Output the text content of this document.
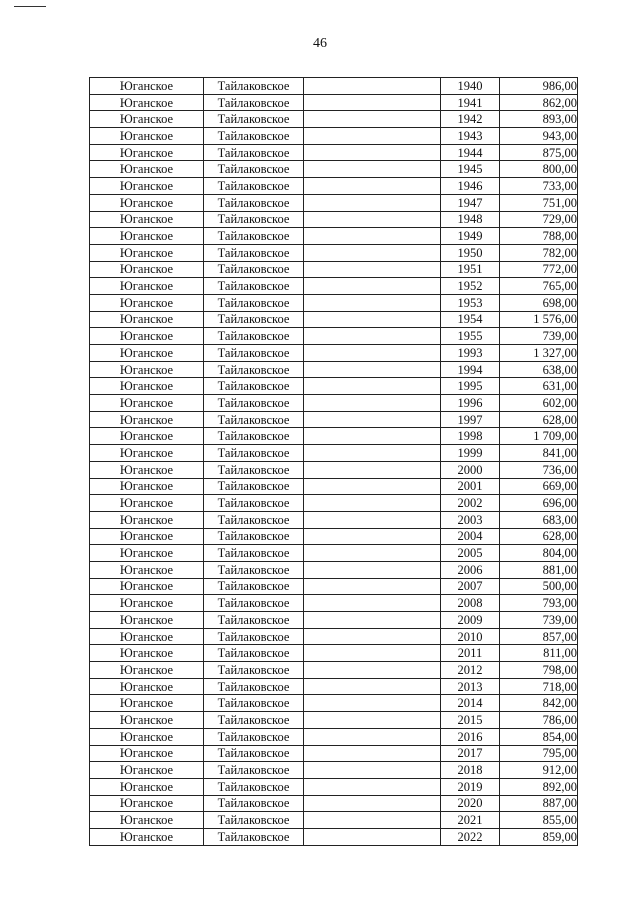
46
Юганское	Тайлаковское		1940	986,00
Юганское	Тайлаковское		1941	862,00
Юганское	Тайлаковское		1942	893,00
Юганское	Тайлаковское		1943	943,00
Юганское	Тайлаковское		1944	875,00
Юганское	Тайлаковское		1945	800,00
Юганское	Тайлаковское		1946	733,00
Юганское	Тайлаковское		1947	751,00
Юганское	Тайлаковское		1948	729,00
Юганское	Тайлаковское		1949	788,00
Юганское	Тайлаковское		1950	782,00
Юганское	Тайлаковское		1951	772,00
Юганское	Тайлаковское		1952	765,00
Юганское	Тайлаковское		1953	698,00
Юганское	Тайлаковское		1954	1 576,00
Юганское	Тайлаковское		1955	739,00
Юганское	Тайлаковское		1993	1 327,00
Юганское	Тайлаковское		1994	638,00
Юганское	Тайлаковское		1995	631,00
Юганское	Тайлаковское		1996	602,00
Юганское	Тайлаковское		1997	628,00
Юганское	Тайлаковское		1998	1 709,00
Юганское	Тайлаковское		1999	841,00
Юганское	Тайлаковское		2000	736,00
Юганское	Тайлаковское		2001	669,00
Юганское	Тайлаковское		2002	696,00
Юганское	Тайлаковское		2003	683,00
Юганское	Тайлаковское		2004	628,00
Юганское	Тайлаковское		2005	804,00
Юганское	Тайлаковское		2006	881,00
Юганское	Тайлаковское		2007	500,00
Юганское	Тайлаковское		2008	793,00
Юганское	Тайлаковское		2009	739,00
Юганское	Тайлаковское		2010	857,00
Юганское	Тайлаковское		2011	811,00
Юганское	Тайлаковское		2012	798,00
Юганское	Тайлаковское		2013	718,00
Юганское	Тайлаковское		2014	842,00
Юганское	Тайлаковское		2015	786,00
Юганское	Тайлаковское		2016	854,00
Юганское	Тайлаковское		2017	795,00
Юганское	Тайлаковское		2018	912,00
Юганское	Тайлаковское		2019	892,00
Юганское	Тайлаковское		2020	887,00
Юганское	Тайлаковское		2021	855,00
Юганское	Тайлаковское		2022	859,00
